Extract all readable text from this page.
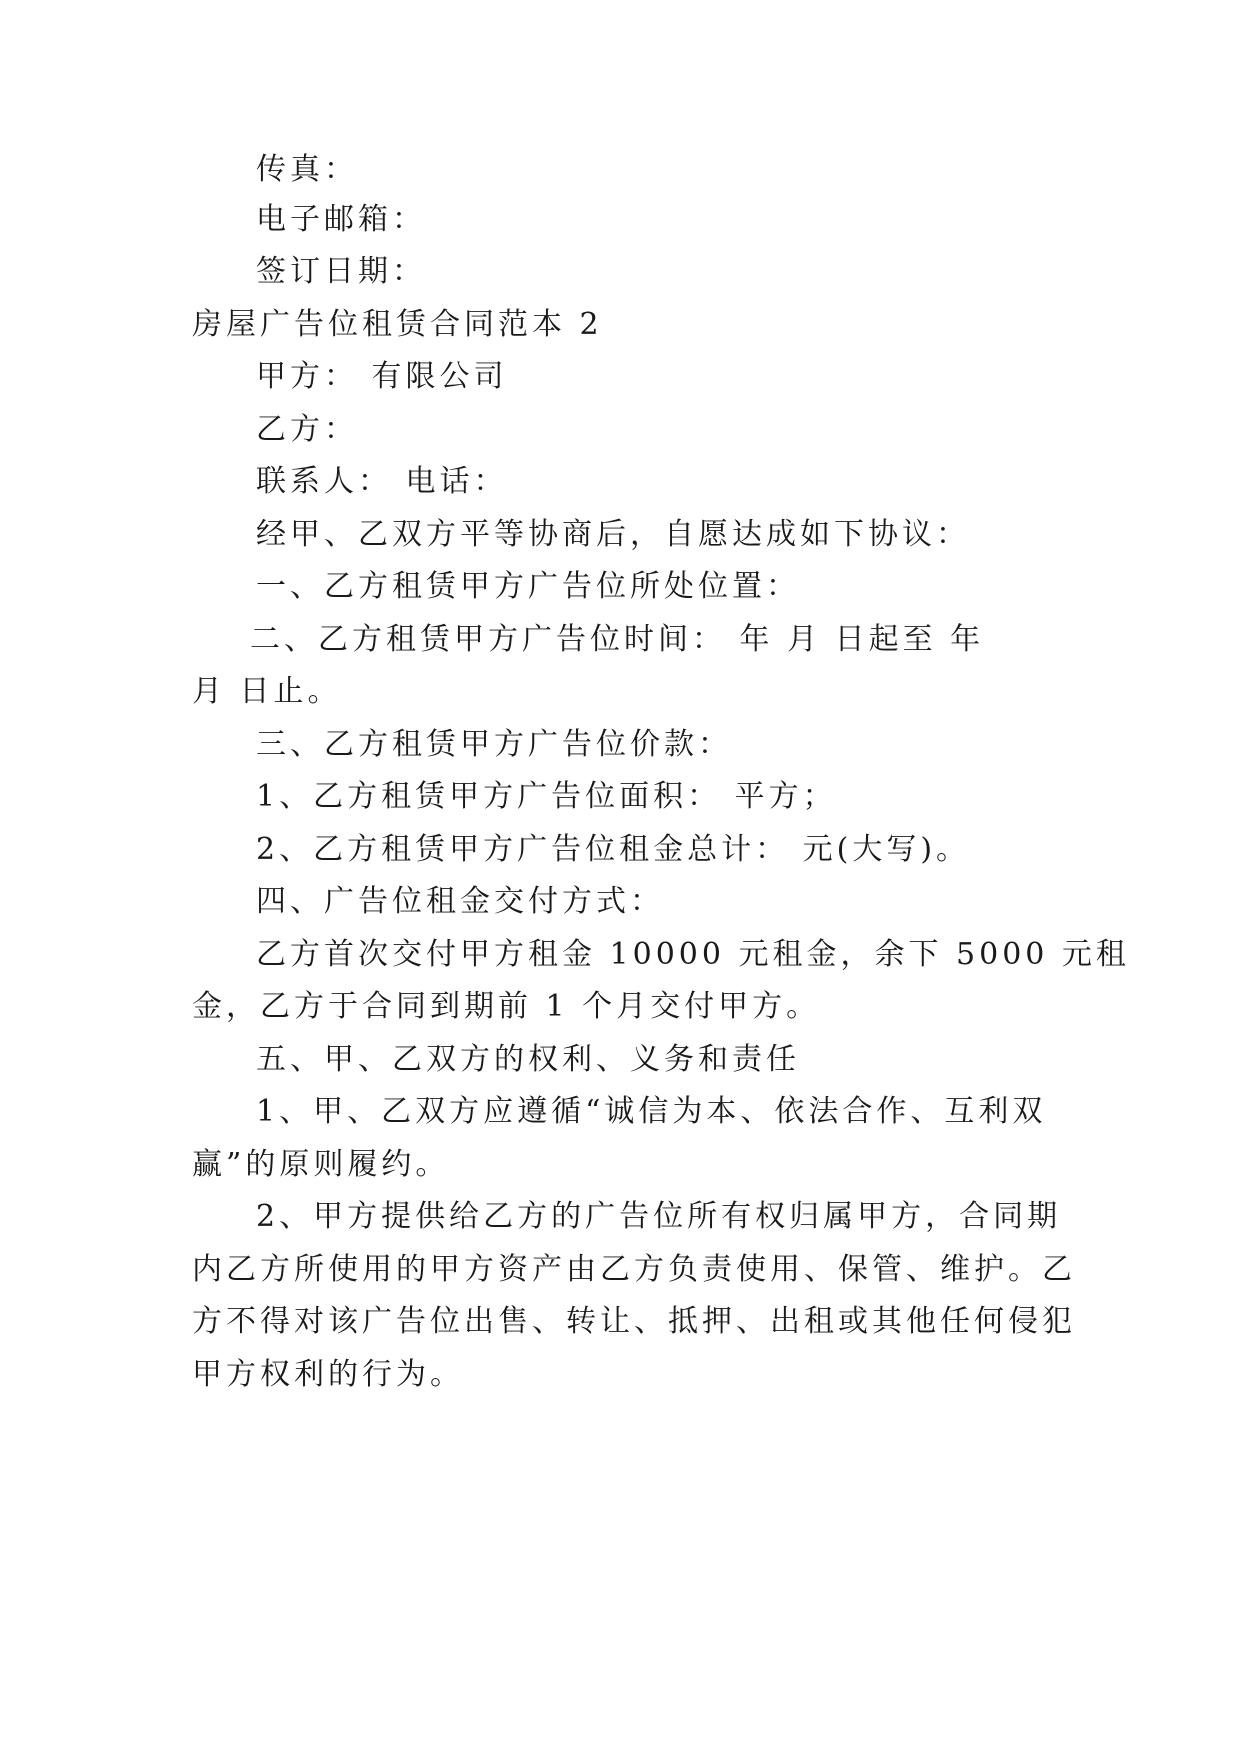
传真：
电子邮箱：
签订日期：
房屋广告位租赁合同范本 2
甲方： 有限公司
乙方：
联系人： 电话：
经甲、乙双方平等协商后，自愿达成如下协议：
一、乙方租赁甲方广告位所处位置：
二、乙方租赁甲方广告位时间： 年 月 日起至 年
月 日止。
三、乙方租赁甲方广告位价款：
1、乙方租赁甲方广告位面积： 平方；
2、乙方租赁甲方广告位租金总计： 元(大写)。
四、广告位租金交付方式：
乙方首次交付甲方租金 10000 元租金，余下 5000 元租
金，乙方于合同到期前 1 个月交付甲方。
五、甲、乙双方的权利、义务和责任
1、甲、乙双方应遵循“诚信为本、依法合作、互利双
赢”的原则履约。
2、甲方提供给乙方的广告位所有权归属甲方，合同期
内乙方所使用的甲方资产由乙方负责使用、保管、维护。乙
方不得对该广告位出售、转让、抵押、出租或其他任何侵犯
甲方权利的行为。
